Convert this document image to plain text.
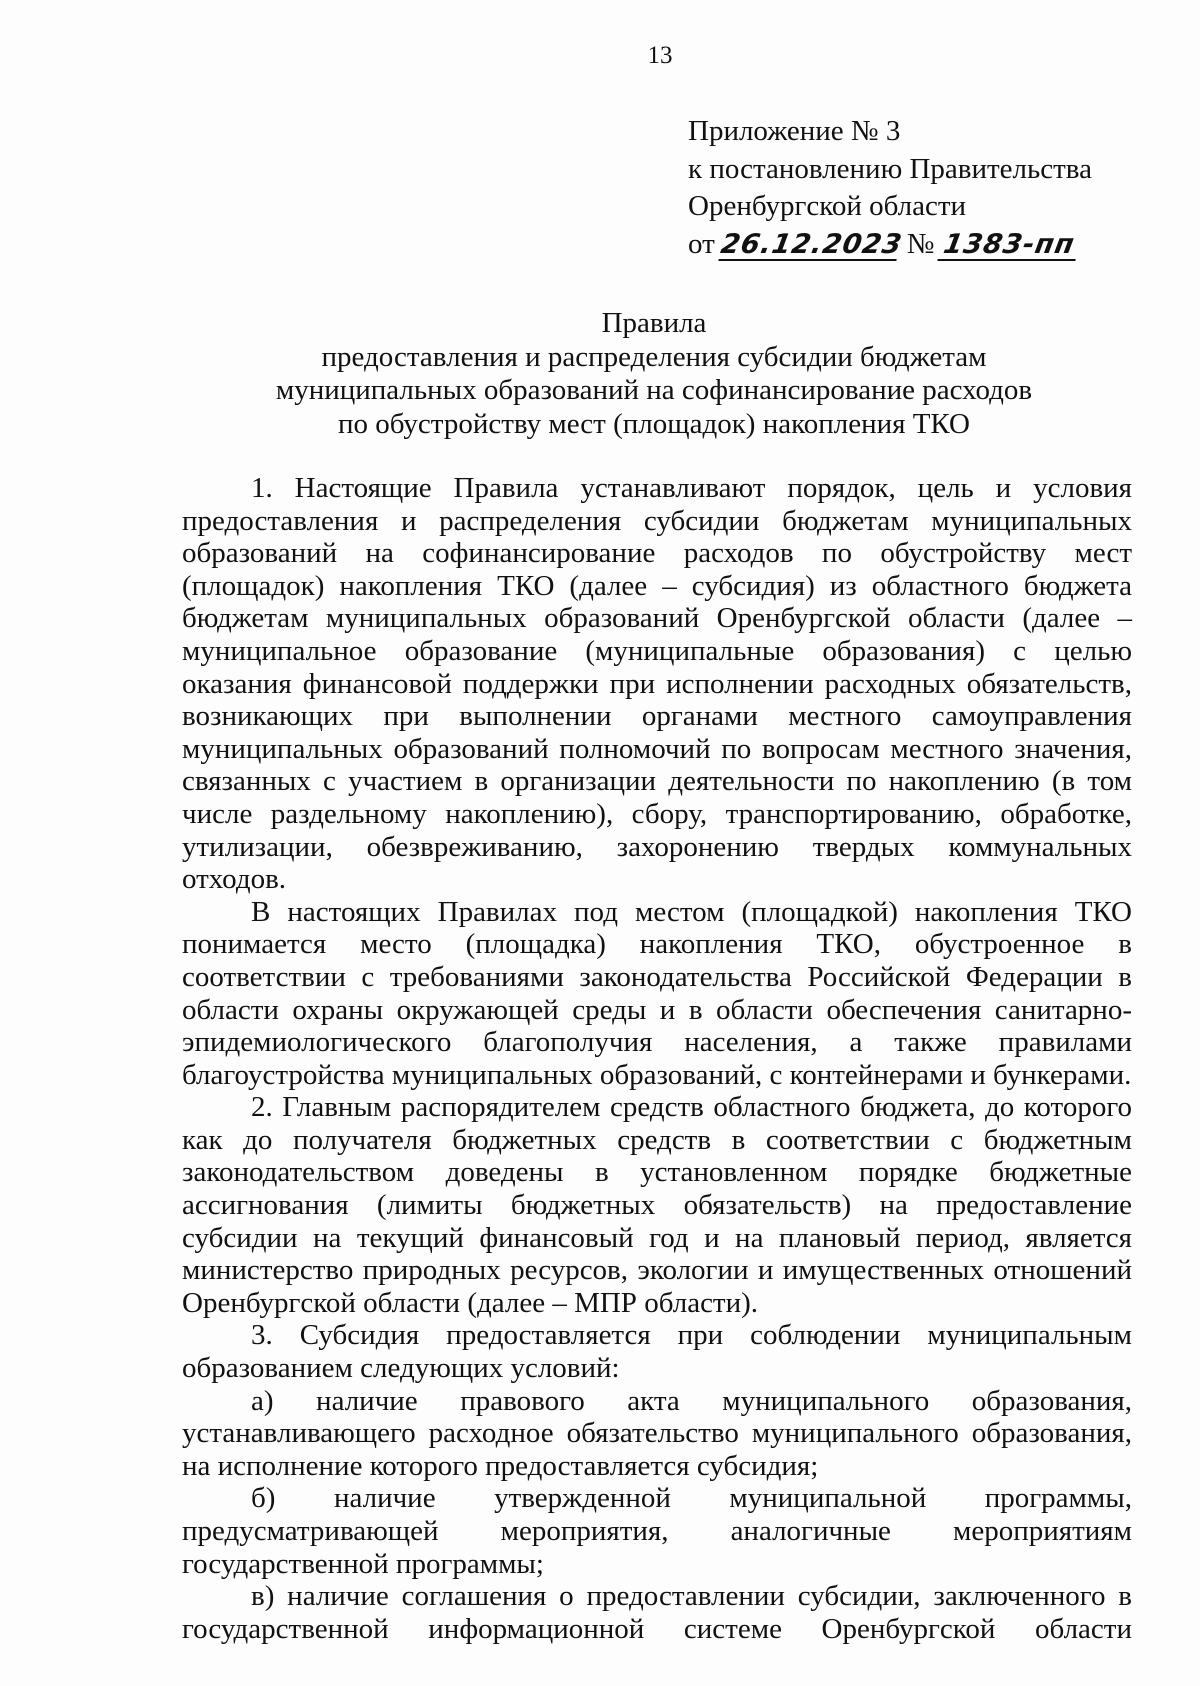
13
Приложение № 3
к постановлению Правительства
Оренбургской области
от 26.12.2023№ 1383-пп
Правила
предоставления и распределения субсидии бюджетам
муниципальных образований на софинансирование расходов
по обустройству мест (площадок) накопления ТКО

1. Настоящие Правила устанавливают порядок, цель и условия предоставления и распределения субсидии бюджетам муниципальных образований на софинансирование расходов по обустройству мест (площадок) накопления ТКО (далее – субсидия) из областного бюджета бюджетам муниципальных образований Оренбургской области (далее – муниципальное образование (муниципальные образования) с целью оказания финансовой поддержки при исполнении расходных обязательств, возникающих при выполнении органами местного самоуправления муниципальных образований полномочий по вопросам местного значения, связанных с участием в организации деятельности по накоплению (в том числе раздельному накоплению), сбору, транспортированию, обработке, утилизации, обезвреживанию, захоронению твердых коммунальных отходов.

В настоящих Правилах под местом (площадкой) накопления ТКО понимается место (площадка) накопления ТКО, обустроенное в соответствии с требованиями законодательства Российской Федерации в области охраны окружающей среды и в области обеспечения санитарно-эпидемиологического благополучия населения, а также правилами благоустройства муниципальных образований, с контейнерами и бункерами.

2. Главным распорядителем средств областного бюджета, до которого как до получателя бюджетных средств в соответствии с бюджетным законодательством доведены в установленном порядке бюджетные ассигнования (лимиты бюджетных обязательств) на предоставление субсидии на текущий финансовый год и на плановый период, является министерство природных ресурсов, экологии и имущественных отношений Оренбургской области (далее – МПР области).

3. Субсидия предоставляется при соблюдении муниципальным образованием следующих условий:

а) наличие правового акта муниципального образования, устанавливающего расходное обязательство муниципального образования, на исполнение которого предоставляется субсидия;

б) наличие утвержденной муниципальной программы, предусматривающей мероприятия, аналогичные мероприятиям государственной программы;

в) наличие соглашения о предоставлении субсидии, заключенного в государственной информационной системе Оренбургской области
